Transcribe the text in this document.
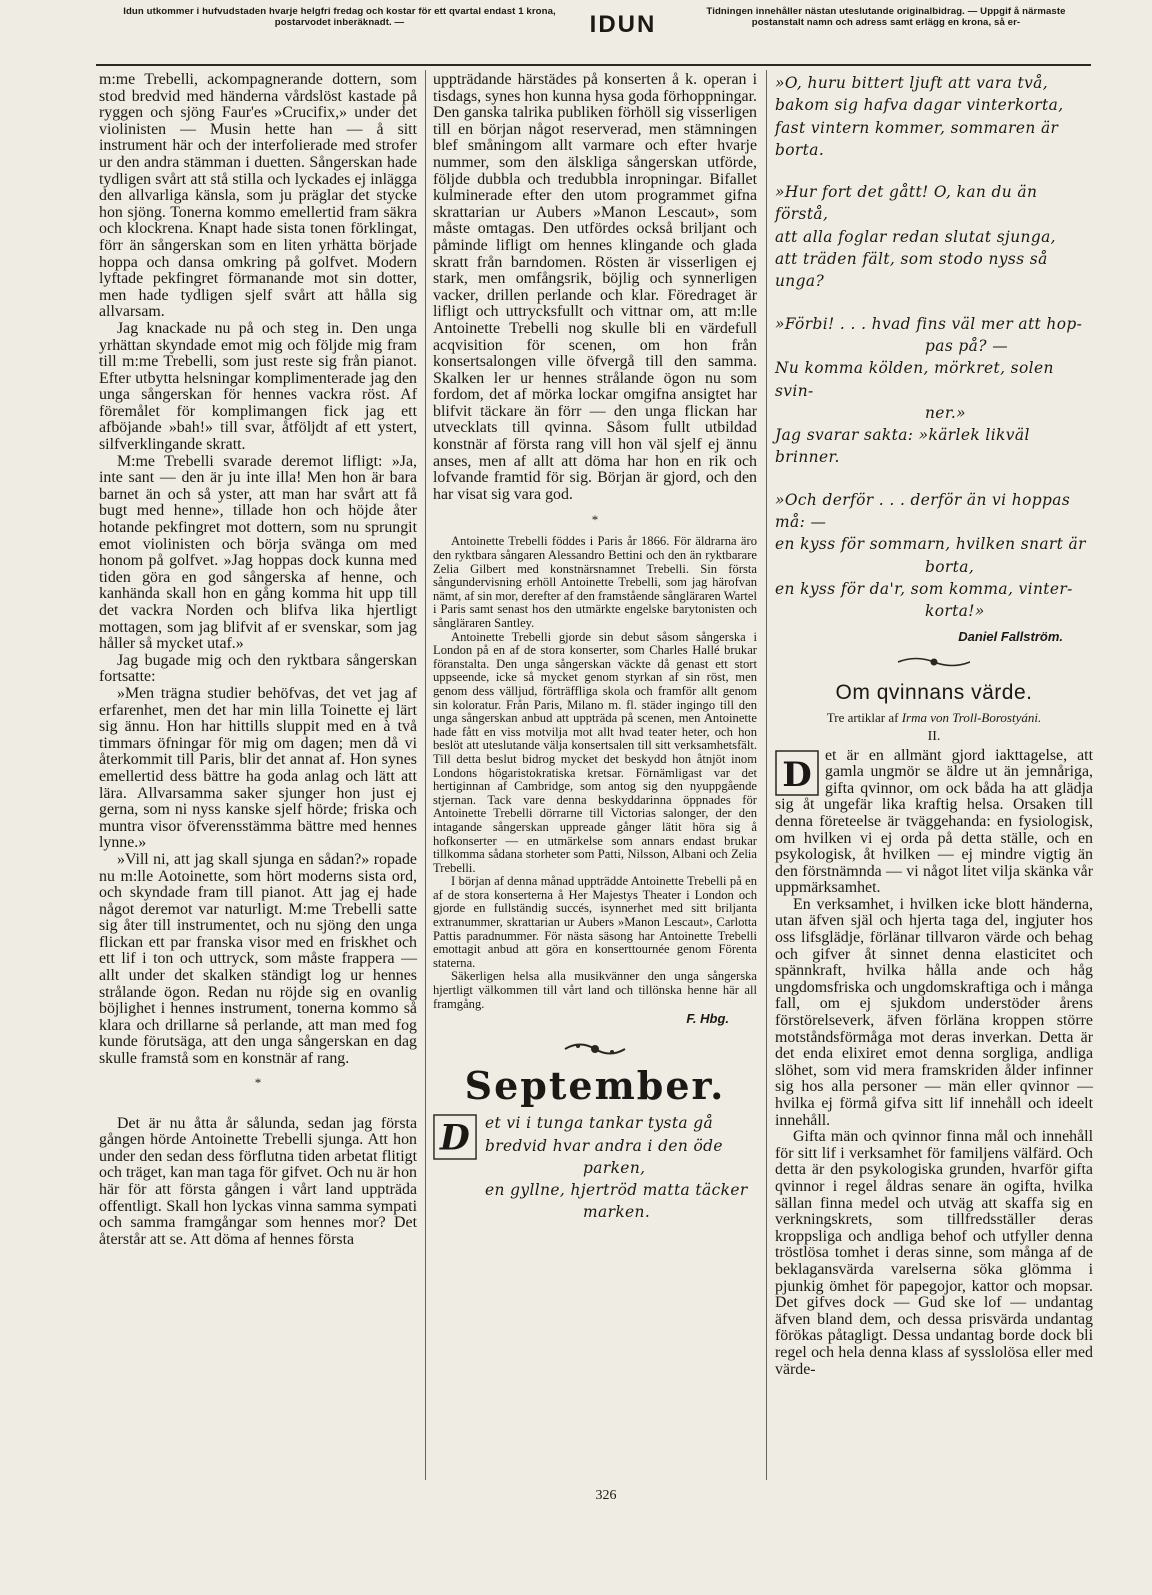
Idun utkommer i hufvudstaden hvarje helgfri fredag och kostar för ett qvartal endast 1 krona, postarvodet inberäknadt. —	IDUN	Tidningen innehåller nästan uteslutande originalbidrag. — Uppgif å närmaste postanstalt namn och adress samt erlägg en krona, så er-

m:me Trebelli, ackompagnerande dottern, som stod bredvid med händerna vårdslöst kastade på ryggen och sjöng Faur'es »Crucifix,» under det violinisten — Musin hette han — å sitt instrument här och der interfolierade med strofer ur den andra stämman i duetten. Sångerskan hade tydligen svårt att stå stilla och lyckades ej inlägga den allvarliga känsla, som ju präglar det stycke hon sjöng. Tonerna kommo emellertid fram säkra och klockrena. Knapt hade sista tonen förklingat, förr än sångerskan som en liten yrhätta började hoppa och dansa omkring på golfvet. Modern lyftade pekfingret förmanande mot sin dotter, men hade tydligen sjelf svårt att hålla sig allvarsam.

Jag knackade nu på och steg in. Den unga yrhättan skyndade emot mig och följde mig fram till m:me Trebelli, som just reste sig från pianot. Efter utbytta helsningar komplimenterade jag den unga sångerskan för hennes vackra röst. Af föremålet för komplimangen fick jag ett afböjande »bah!» till svar, åtföljdt af ett ystert, silfverklingande skratt.

M:me Trebelli svarade deremot lifligt: »Ja, inte sant — den är ju inte illa! Men hon är bara barnet än och så yster, att man har svårt att få bugt med henne», tillade hon och höjde åter hotande pekfingret mot dottern, som nu sprungit emot violinisten och börja svänga om med honom på golfvet. »Jag hoppas dock kunna med tiden göra en god sångerska af henne, och kanhända skall hon en gång komma hit upp till det vackra Norden och blifva lika hjertligt mottagen, som jag blifvit af er svenskar, som jag håller så mycket utaf.»

Jag bugade mig och den ryktbara sångerskan fortsatte:

»Men trägna studier behöfvas, det vet jag af erfarenhet, men det har min lilla Toinette ej lärt sig ännu. Hon har hittills sluppit med en à två timmars öfningar för mig om dagen; men då vi återkommit till Paris, blir det annat af. Hon synes emellertid dess bättre ha goda anlag och lätt att lära. Allvarsamma saker sjunger hon just ej gerna, som ni nyss kanske sjelf hörde; friska och muntra visor öfverensstämma bättre med hennes lynne.»

»Vill ni, att jag skall sjunga en sådan?» ropade nu m:lle Aotoinette, som hört moderns sista ord, och skyndade fram till pianot. Att jag ej hade något deremot var naturligt. M:me Trebelli satte sig åter till instrumentet, och nu sjöng den unga flickan ett par franska visor med en friskhet och ett lif i ton och uttryck, som måste frappera — allt under det skalken ständigt log ur hennes strålande ögon. Redan nu röjde sig en ovanlig böjlighet i hennes instrument, tonerna kommo så klara och drillarne så perlande, att man med fog kunde förutsäga, att den unga sångerskan en dag skulle framstå som en konstnär af rang.

*

Det är nu åtta år sålunda, sedan jag första gången hörde Antoinette Trebelli sjunga. Att hon under den sedan dess förflutna tiden arbetat flitigt och träget, kan man taga för gifvet. Och nu är hon här för att första gången i vårt land uppträda offentligt. Skall hon lyckas vinna samma sympati och samma framgångar som hennes mor? Det återstår att se. Att döma af hennes första

uppträdande härstädes på konserten å k. operan i tisdags, synes hon kunna hysa goda förhoppningar. Den ganska talrika publiken förhöll sig visserligen till en början något reserverad, men stämningen blef småningom allt varmare och efter hvarje nummer, som den älskliga sångerskan utförde, följde dubbla och tredubbla inropningar. Bifallet kulminerade efter den utom programmet gifna skrattarian ur Aubers »Manon Lescaut», som måste omtagas. Den utfördes också briljant och påminde lifligt om hennes klingande och glada skratt från barndomen. Rösten är visserligen ej stark, men omfångsrik, böjlig och synnerligen vacker, drillen perlande och klar. Föredraget är lifligt och uttrycksfullt och vittnar om, att m:lle Antoinette Trebelli nog skulle bli en värdefull acqvisition för scenen, om hon från konsertsalongen ville öfvergå till den samma. Skalken ler ur hennes strålande ögon nu som fordom, det af mörka lockar omgifna ansigtet har blifvit täckare än förr — den unga flickan har utvecklats till qvinna. Såsom fullt utbildad konstnär af första rang vill hon väl sjelf ej ännu anses, men af allt att döma har hon en rik och lofvande framtid för sig. Början är gjord, och den har visat sig vara god.

*

Antoinette Trebelli föddes i Paris år 1866. För äldrarna äro den ryktbara sångaren Alessandro Bettini och den än ryktbarare Zelia Gilbert med konstnärsnamnet Trebelli. Sin första sångundervisning erhöll Antoinette Trebelli, som jag härofvan nämt, af sin mor, derefter af den framstående sångläraren Wartel i Paris samt senast hos den utmärkte engelske barytonisten och sångläraren Santley.

Antoinette Trebelli gjorde sin debut såsom sångerska i London på en af de stora konserter, som Charles Hallé brukar föranstalta. Den unga sångerskan väckte då genast ett stort uppseende, icke så mycket genom styrkan af sin röst, men genom dess välljud, förträffliga skola och framför allt genom sin koloratur. Från Paris, Milano m. fl. städer ingingo till den unga sångerskan anbud att uppträda på scenen, men Antoinette hade fått en viss motvilja mot allt hvad teater heter, och hon beslöt att uteslutande välja konsertsalen till sitt verksamhetsfält. Till detta beslut bidrog mycket det beskydd hon åtnjöt inom Londons högaristokratiska kretsar. Förnämligast var det hertiginnan af Cambridge, som antog sig den nyuppgående stjernan. Tack vare denna beskyddarinna öppnades för Antoinette Trebelli dörrarne till Victorias salonger, der den intagande sångerskan uppreade gånger lätit höra sig å hofkonserter — en utmärkelse som annars endast brukar tillkomma sådana storheter som Patti, Nilsson, Albani och Zelia Trebelli.

I början af denna månad uppträdde Antoinette Trebelli på en af de stora konserterna å Her Majestys Theater i London och gjorde en fullständig succés, isynnerhet med sitt briljanta extranummer, skrattarian ur Aubers »Manon Lescaut», Carlotta Pattis paradnummer. För nästa säsong har Antoinette Trebelli emottagit anbud att göra en konserttournée genom Förenta staterna.

Säkerligen helsa alla musikvänner den unga sångerska hjertligt välkommen till vårt land och tillönska henne här all framgång.

F. Hbg.
September.
D et vi i tunga tankar tysta gå
bredvid hvar andra i den öde
parken,
en gyllne, hjertröd matta täcker
marken.
»O, huru bittert ljuft att vara två,
bakom sig hafva dagar vinterkorta,
fast vintern kommer, sommaren är borta.
»Hur fort det gått! O, kan du än förstå,
att alla foglar redan slutat sjunga,
att träden fält, som stodo nyss så unga?
»Förbi! . . . hvad fins väl mer att hop-
pas på? —
Nu komma kölden, mörkret, solen svin-
ner.»
Jag svarar sakta: »kärlek likväl brinner.
»Och derför . . . derför än vi hoppas må: —
en kyss för sommarn, hvilken snart är
borta,
en kyss för da'r, som komma, vinter-
korta!»
Daniel Fallström.
Om qvinnans värde.
Tre artiklar af Irma von Troll-Borostyáni.
II.
D et är en allmänt gjord iakttagelse, att gamla ungmör se äldre ut än jemnåriga, gifta qvinnor, om ock båda ha att glädja sig åt ungefär lika kraftig helsa. Orsaken till denna företeelse är tväggehanda: en fysiologisk, om hvilken vi ej orda på detta ställe, och en psykologisk, åt hvilken — ej mindre vigtig än den förstnämnda — vi något litet vilja skänka vår uppmärksamhet.

En verksamhet, i hvilken icke blott händerna, utan äfven själ och hjerta taga del, ingjuter hos oss lifsglädje, förlänar tillvaron värde och behag och gifver åt sinnet denna elasticitet och spännkraft, hvilka hålla ande och håg ungdomsfriska och ungdomskraftiga och i många fall, om ej sjukdom understöder årens förstörelseverk, äfven förläna kroppen större motståndsförmåga mot deras inverkan. Detta är det enda elixiret emot denna sorgliga, andliga slöhet, som vid mera framskriden ålder infinner sig hos alla personer — män eller qvinnor — hvilka ej förmå gifva sitt lif innehåll och ideelt innehåll.

Gifta män och qvinnor finna mål och innehåll för sitt lif i verksamhet för familjens välfärd. Och detta är den psykologiska grunden, hvarför gifta qvinnor i regel åldras senare än ogifta, hvilka sällan finna medel och utväg att skaffa sig en verkningskrets, som tillfredsställer deras kroppsliga och andliga behof och utfyller denna tröstlösa tomhet i deras sinne, som många af de beklagansvärda varelserna söka glömma i pjunkig ömhet för papegojor, kattor och mopsar. Det gifves dock — Gud ske lof — undantag äfven bland dem, och dessa prisvärda undantag förökas påtagligt. Dessa undantag borde dock bli regel och hela denna klass af sysslolösa eller med värde-

326
